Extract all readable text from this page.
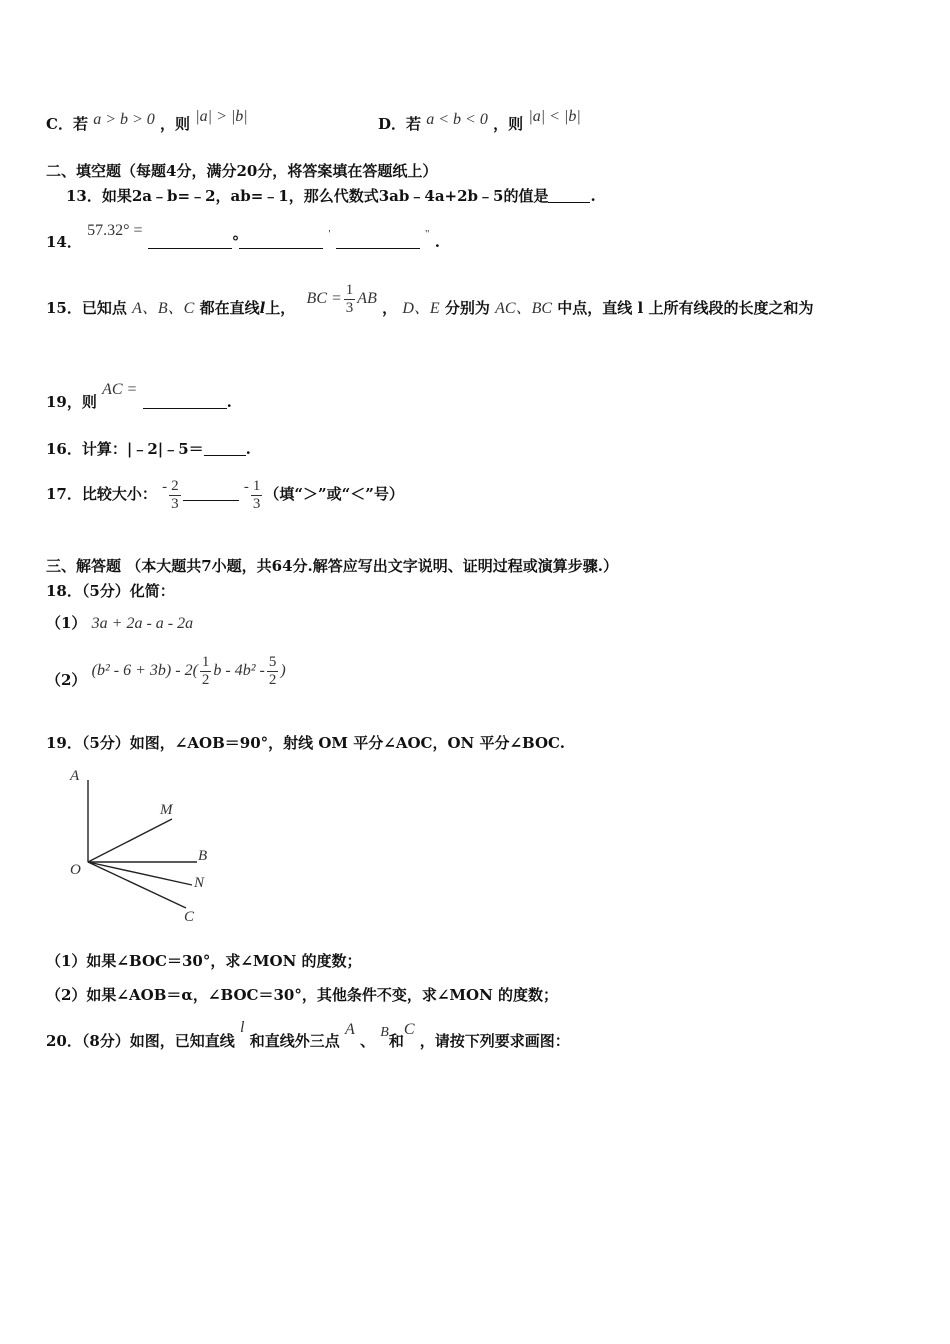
C．若 a > b > 0 ，则 |a| > |b|	D．若 a < b < 0 ，则 |a| < |b|
二、填空题（每题4分，满分20分，将答案填在答题纸上）
13．如果2a﹣b=﹣2，ab=﹣1，那么代数式3ab﹣4a+2b﹣5的值是	.
14． 57.32° = °	'	" .
15．已知点 A、B、C 都在直线l上， BC = $\frac{1}{3}$ AB ， D、E 分别为 AC、BC 中点，直线 l 上所有线段的长度之和为
19，则 AC = .
16．计算：|﹣2|﹣5＝	.
17．比较大小： - $\frac{2}{3}$	- $\frac{1}{3}$ （填“＞”或“＜”号）
三、解答题 （本大题共7小题，共64分.解答应写出文字说明、证明过程或演算步骤.）
18．（5分）化简：
（1） 3a + 2a - a - 2a
（2） $(b^2 - 6 + 3b) - 2( \frac{1}{2}$ b - $4b^2 - \frac{5}{2}$ )
19．（5分）如图，∠AOB＝90°，射线 OM 平分∠AOC，ON 平分∠BOC.
A
M
B
O
N
C
（1）如果∠BOC＝30°，求∠MON 的度数；
（2）如果∠AOB＝α，∠BOC＝30°，其他条件不变，求∠MON 的度数；
20．（8分）如图，已知直线 l 和直线外三点 A 、 B和C ，请按下列要求画图：
